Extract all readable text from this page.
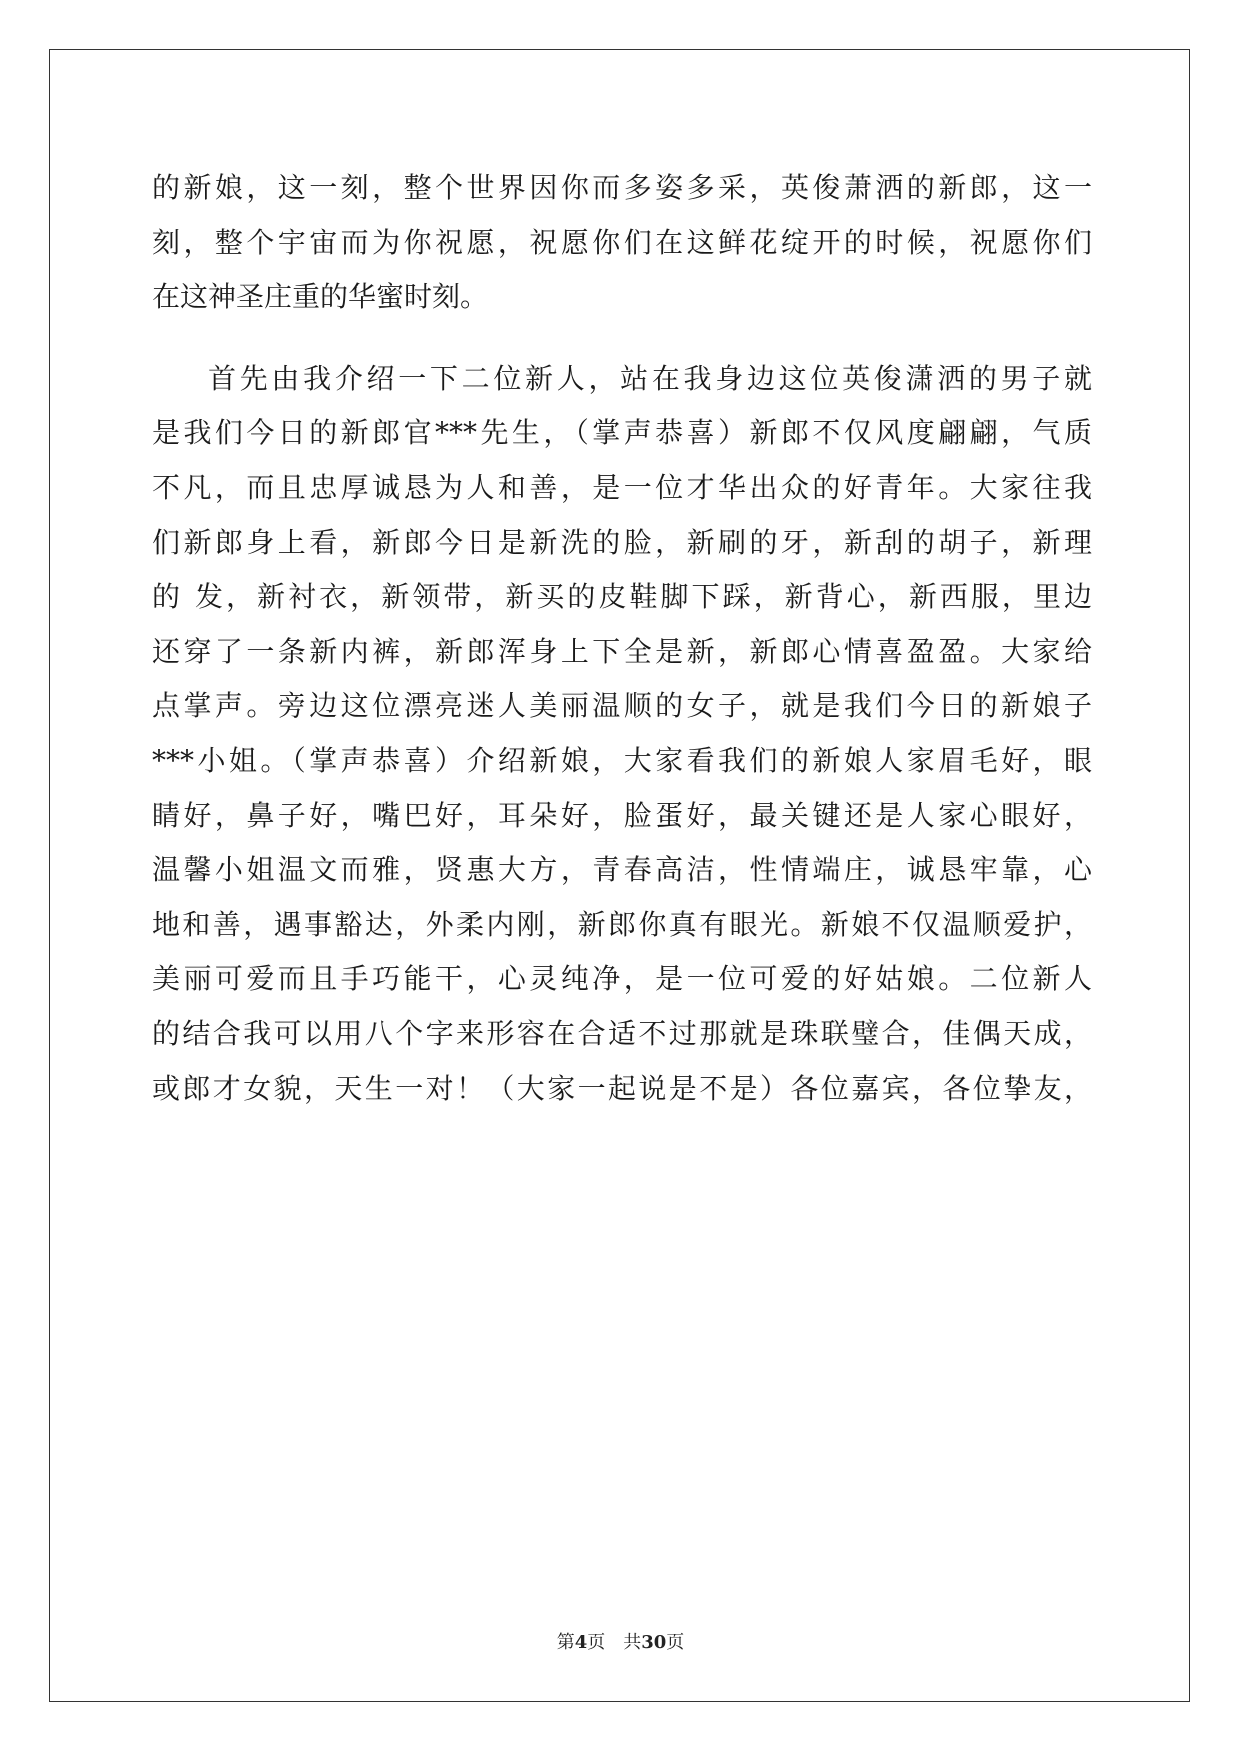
的新娘，这一刻，整个世界因你而多姿多采，英俊萧洒的新郎，这一
刻，整个宇宙而为你祝愿，祝愿你们在这鲜花绽开的时候，祝愿你们
在这神圣庄重的华蜜时刻。
首先由我介绍一下二位新人，站在我身边这位英俊潇洒的男子就
是我们今日的新郎官***先生，（掌声恭喜）新郎不仅风度翩翩，气质
不凡，而且忠厚诚恳为人和善，是一位才华出众的好青年。大家往我
们新郎身上看，新郎今日是新洗的脸，新刷的牙，新刮的胡子，新理
的 发，新衬衣，新领带，新买的皮鞋脚下踩，新背心，新西服，里边
还穿了一条新内裤，新郎浑身上下全是新，新郎心情喜盈盈。大家给
点掌声。旁边这位漂亮迷人美丽温顺的女子，就是我们今日的新娘子
***小姐。（掌声恭喜）介绍新娘，大家看我们的新娘人家眉毛好，眼
睛好，鼻子好，嘴巴好，耳朵好，脸蛋好，最关键还是人家心眼好，
温馨小姐温文而雅，贤惠大方，青春高洁，性情端庄，诚恳牢靠，心
地和善，遇事豁达，外柔内刚，新郎你真有眼光。新娘不仅温顺爱护，
美丽可爱而且手巧能干，心灵纯净，是一位可爱的好姑娘。二位新人
的结合我可以用八个字来形容在合适不过那就是珠联璧合，佳偶天成，
或郎才女貌，天生一对！（大家一起说是不是）各位嘉宾，各位挚友，
第4页　共30页
